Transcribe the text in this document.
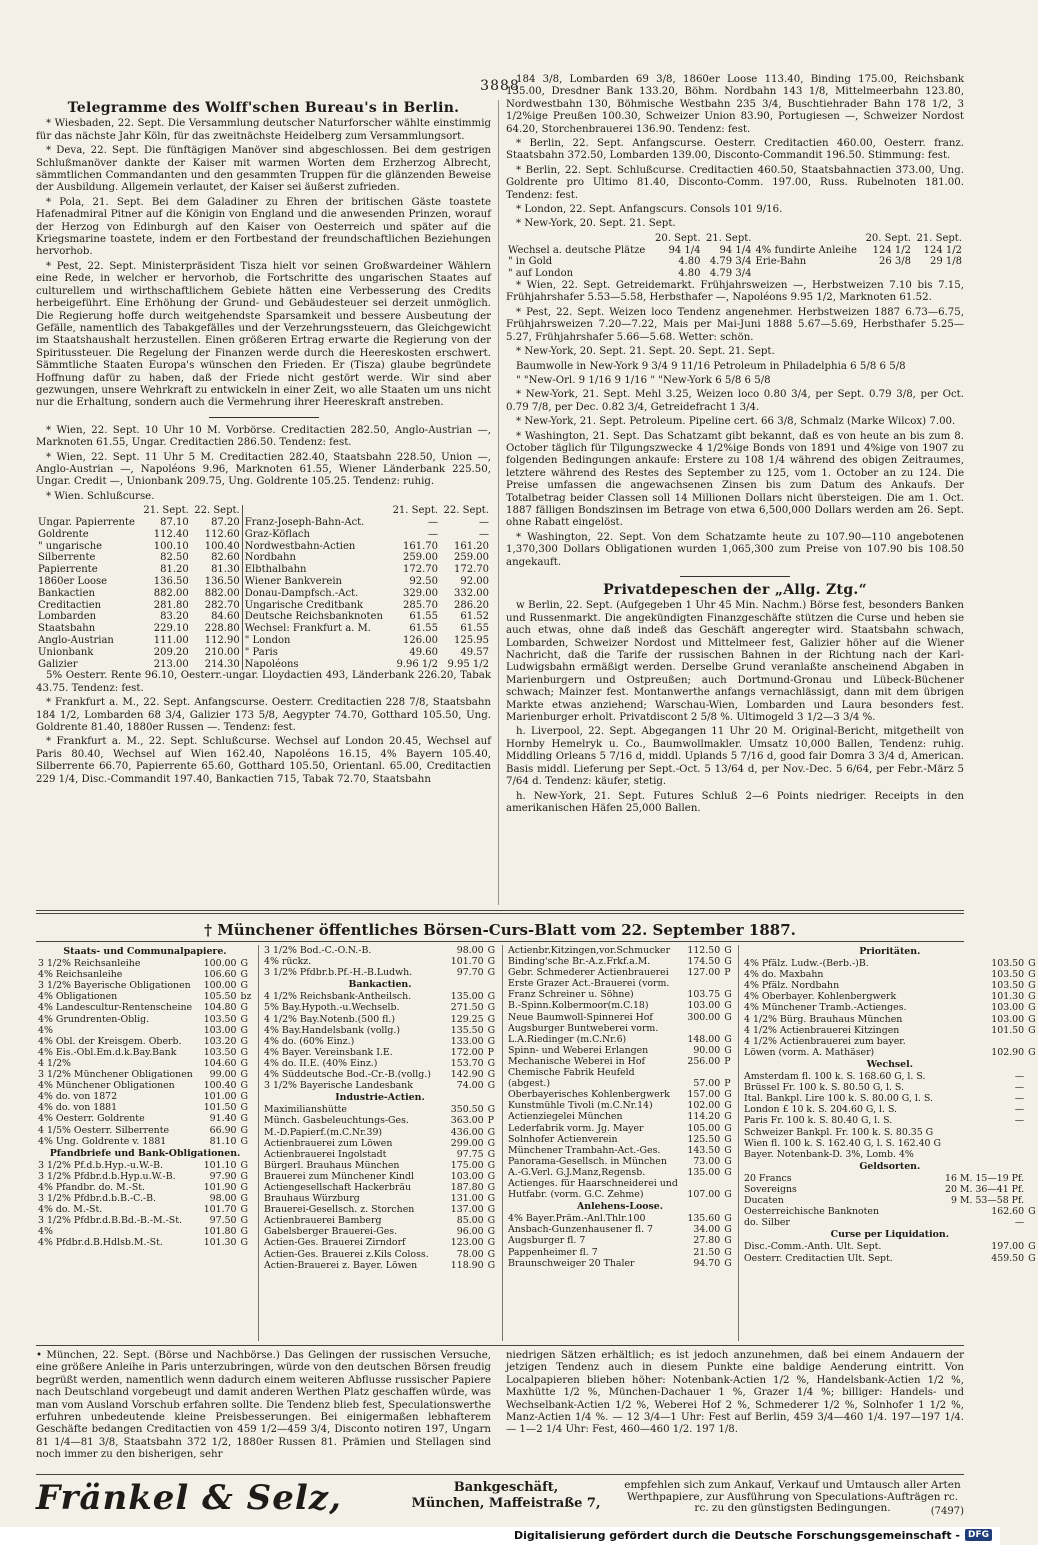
3888
Telegramme des Wolff'schen Bureau's in Berlin.
* Wiesbaden, 22. Sept. Die Versammlung deutscher Naturforscher wählte einstimmig für das nächste Jahr Köln, für das zweitnächste Heidelberg zum Versammlungsort.
* Deva, 22. Sept. Die fünftägigen Manöver sind abgeschlossen. Bei dem gestrigen Schlußmanöver dankte der Kaiser mit warmen Worten dem Erzherzog Albrecht, sämmtlichen Commandanten und den gesammten Truppen für die glänzenden Beweise der Ausbildung. Allgemein verlautet, der Kaiser sei äußerst zufrieden.
* Pola, 21. Sept. Bei dem Galadiner zu Ehren der britischen Gäste toastete Hafenadmiral Pitner auf die Königin von England und die anwesenden Prinzen, worauf der Herzog von Edinburgh auf den Kaiser von Oesterreich und später auf die Kriegsmarine toastete, indem er den Fortbestand der freundschaftlichen Beziehungen hervorhob.
* Pest, 22. Sept. Ministerpräsident Tisza hielt vor seinen Großwardeiner Wählern eine Rede, in welcher er hervorhob, die Fortschritte des ungarischen Staates auf culturellem und wirthschaftlichem Gebiete hätten eine Verbesserung des Credits herbeigeführt. Eine Erhöhung der Grund- und Gebäudesteuer sei derzeit unmöglich. Die Regierung hoffe durch weitgehendste Sparsamkeit und bessere Ausbeutung der Gefälle, namentlich des Tabakgefälles und der Verzehrungssteuern, das Gleichgewicht im Staatshaushalt herzustellen. Einen größeren Ertrag erwarte die Regierung von der Spiritussteuer. Die Regelung der Finanzen werde durch die Heereskosten erschwert. Sämmtliche Staaten Europa's wünschen den Frieden. Er (Tisza) glaube begründete Hoffnung dafür zu haben, daß der Friede nicht gestört werde. Wir sind aber gezwungen, unsere Wehrkraft zu entwickeln in einer Zeit, wo alle Staaten um uns nicht nur die Erhaltung, sondern auch die Vermehrung ihrer Heereskraft anstreben.
* Wien, 22. Sept. 10 Uhr 10 M. Vorbörse. Creditactien 282.50, Anglo-Austrian —, Marknoten 61.55, Ungar. Creditactien 286.50. Tendenz: fest.
* Wien, 22. Sept. 11 Uhr 5 M. Creditactien 282.40, Staatsbahn 228.50, Union —, Anglo-Austrian —, Napoléons 9.96, Marknoten 61.55, Wiener Länderbank 225.50, Ungar. Credit —, Unionbank 209.75, Ung. Goldrente 105.25. Tendenz: ruhig.
* Wien. Schlußcurse.
	21. Sept.	22. Sept.		21. Sept.	22. Sept.
Ungar. Papierrente	87.10	87.20	Franz-Joseph-Bahn-Act.	—	—
Goldrente	112.40	112.60	Graz-Köflach	—	—
" ungarische	100.10	100.40	Nordwestbahn-Actien	161.70	161.20
Silberrente	82.50	82.60	Nordbahn	259.00	259.00
Papierrente	81.20	81.30	Elbthalbahn	172.70	172.70
1860er Loose	136.50	136.50	Wiener Bankverein	92.50	92.00
Bankactien	882.00	882.00	Donau-Dampfsch.-Act.	329.00	332.00
Creditactien	281.80	282.70	Ungarische Creditbank	285.70	286.20
Lombarden	83.20	84.60	Deutsche Reichsbanknoten	61.55	61.52
Staatsbahn	229.10	228.80	Wechsel: Frankfurt a. M.	61.55	61.55
Anglo-Austrian	111.00	112.90	" London	126.00	125.95
Unionbank	209.20	210.00	" Paris	49.60	49.57
Galizier	213.00	214.30	Napoléons	9.96 1/2	9.95 1/2
5% Oesterr. Rente 96.10, Oesterr.-ungar. Lloydactien 493, Länderbank 226.20, Tabak 43.75. Tendenz: fest.
* Frankfurt a. M., 22. Sept. Anfangscurse. Oesterr. Creditactien 228 7/8, Staatsbahn 184 1/2, Lombarden 68 3/4, Galizier 173 5/8, Aegypter 74.70, Gotthard 105.50, Ung. Goldrente 81.40, 1880er Russen —. Tendenz: fest.
* Frankfurt a. M., 22. Sept. Schlußcurse. Wechsel auf London 20.45, Wechsel auf Paris 80.40, Wechsel auf Wien 162.40, Napoléons 16.15, 4% Bayern 105.40, Silberrente 66.70, Papierrente 65.60, Gotthard 105.50, Orientanl. 65.00, Creditactien 229 1/4, Disc.-Commandit 197.40, Bankactien 715, Tabak 72.70, Staatsbahn
184 3/8, Lombarden 69 3/8, 1860er Loose 113.40, Binding 175.00, Reichsbank 135.00, Dresdner Bank 133.20, Böhm. Nordbahn 143 1/8, Mittelmeerbahn 123.80, Nordwestbahn 130, Böhmische Westbahn 235 3/4, Buschtiehrader Bahn 178 1/2, 3 1/2%ige Preußen 100.30, Schweizer Union 83.90, Portugiesen —, Schweizer Nordost 64.20, Storchenbrauerei 136.90. Tendenz: fest.
* Berlin, 22. Sept. Anfangscurse. Oesterr. Creditactien 460.00, Oesterr. franz. Staatsbahn 372.50, Lombarden 139.00, Disconto-Commandit 196.50. Stimmung: fest.
* Berlin, 22. Sept. Schlußcurse. Creditactien 460.50, Staatsbahnactien 373.00, Ung. Goldrente pro Ultimo 81.40, Disconto-Comm. 197.00, Russ. Rubelnoten 181.00. Tendenz: fest.
* London, 22. Sept. Anfangscurs. Consols 101 9/16.
* New-York, 20. Sept. 21. Sept.
	20. Sept.	21. Sept.		20. Sept.	21. Sept.
Wechsel a. deutsche Plätze	94 1/4	94 1/4	4% fundirte Anleihe	124 1/2	124 1/2
" in Gold	4.80	4.79 3/4	Erie-Bahn	26 3/8	29 1/8
" auf London	4.80	4.79 3/4			
* Wien, 22. Sept. Getreidemarkt. Frühjahrsweizen —, Herbstweizen 7.10 bis 7.15, Frühjahrshafer 5.53—5.58, Herbsthafer —, Napoléons 9.95 1/2, Marknoten 61.52.
* Pest, 22. Sept. Weizen loco Tendenz angenehmer. Herbstweizen 1887 6.73—6.75, Frühjahrsweizen 7.20—7.22, Mais per Mai-Juni 1888 5.67—5.69, Herbsthafer 5.25—5.27, Frühjahrshafer 5.66—5.68. Wetter: schön.
* New-York, 20. Sept. 21. Sept. 20. Sept. 21. Sept.
Baumwolle in New-York 9 3/4 9 11/16 Petroleum in Philadelphia 6 5/8 6 5/8
" "New-Orl. 9 1/16 9 1/16 " "New-York 6 5/8 6 5/8
* New-York, 21. Sept. Mehl 3.25, Weizen loco 0.80 3/4, per Sept. 0.79 3/8, per Oct. 0.79 7/8, per Dec. 0.82 3/4, Getreidefracht 1 3/4.
* New-York, 21. Sept. Petroleum. Pipeline cert. 66 3/8, Schmalz (Marke Wilcox) 7.00.
* Washington, 21. Sept. Das Schatzamt gibt bekannt, daß es von heute an bis zum 8. October täglich für Tilgungszwecke 4 1/2%ige Bonds von 1891 und 4%ige von 1907 zu folgenden Bedingungen ankaufe: Erstere zu 108 1/4 während des obigen Zeitraumes, letztere während des Restes des September zu 125, vom 1. October an zu 124. Die Preise umfassen die angewachsenen Zinsen bis zum Datum des Ankaufs. Der Totalbetrag beider Classen soll 14 Millionen Dollars nicht übersteigen. Die am 1. Oct. 1887 fälligen Bondszinsen im Betrage von etwa 6,500,000 Dollars werden am 26. Sept. ohne Rabatt eingelöst.
* Washington, 22. Sept. Von dem Schatzamte heute zu 107.90—110 angebotenen 1,370,300 Dollars Obligationen wurden 1,065,300 zum Preise von 107.90 bis 108.50 angekauft.
Privatdepeschen der „Allg. Ztg.“
w Berlin, 22. Sept. (Aufgegeben 1 Uhr 45 Min. Nachm.) Börse fest, besonders Banken und Russenmarkt. Die angekündigten Finanzgeschäfte stützen die Curse und heben sie auch etwas, ohne daß indeß das Geschäft angeregter wird. Staatsbahn schwach, Lombarden, Schweizer Nordost und Mittelmeer fest, Galizier höher auf die Wiener Nachricht, daß die Tarife der russischen Bahnen in der Richtung nach der Karl-Ludwigsbahn ermäßigt werden. Derselbe Grund veranlaßte anscheinend Abgaben in Marienburgern und Ostpreußen; auch Dortmund-Gronau und Lübeck-Büchener schwach; Mainzer fest. Montanwerthe anfangs vernachlässigt, dann mit dem übrigen Markte etwas anziehend; Warschau-Wien, Lombarden und Laura besonders fest. Marienburger erholt. Privatdiscont 2 5/8 %. Ultimogeld 3 1/2—3 3/4 %.
h. Liverpool, 22. Sept. Abgegangen 11 Uhr 20 M. Original-Bericht, mitgetheilt von Hornby Hemelryk u. Co., Baumwollmakler. Umsatz 10,000 Ballen, Tendenz: ruhig. Middling Orleans 5 7/16 d, middl. Uplands 5 7/16 d, good fair Domra 3 3/4 d, American. Basis middl. Lieferung per Sept.-Oct. 5 13/64 d, per Nov.-Dec. 5 6/64, per Febr.-März 5 7/64 d. Tendenz: käufer, stetig.
h. New-York, 21. Sept. Futures Schluß 2—6 Points niedriger. Receipts in den amerikanischen Häfen 25,000 Ballen.
† Münchener öffentliches Börsen-Curs-Blatt vom 22. September 1887.
Staats- und Communalpapiere.		
3 1/2% Reichsanleihe	100.00	G
4% Reichsanleihe	106.60	G
3 1/2% Bayerische Obligationen	100.00	G
4% Obligationen	105.50	bz
4% Landescultur-Rentenscheine	104.80	G
4% Grundrenten-Oblig.	103.50	G
4%	103.00	G
4% Obl. der Kreisgem. Oberb.	103.20	G
4% Eis.-Obl.Em.d.k.Bay.Bank	103.50	G
4 1/2%	104.60	G
3 1/2% Münchener Obligationen	99.00	G
4% Münchener Obligationen	100.40	G
4% do. von 1872	101.00	G
4% do. von 1881	101.50	G
4% Oesterr. Goldrente	91.40	G
4 1/5% Oesterr. Silberrente	66.90	G
4% Ung. Goldrente v. 1881	81.10	G
Pfandbriefe und Bank-Obligationen.		
3 1/2% Pf.d.b.Hyp.-u.W.-B.	101.10	G
3 1/2% Pfdbr.d.b.Hyp.u.W.-B.	97.90	G
4% Pfandbr. do. M.-St.	101.90	G
3 1/2% Pfdbr.d.b.B.-C.-B.	98.00	G
4% do. M.-St.	101.70	G
3 1/2% Pfdbr.d.B.Bd.-B.-M.-St.	97.50	G
4%	101.80	G
4% Pfdbr.d.B.Hdlsb.M.-St.	101.30	G
3 1/2% Bod.-C.-O.N.-B.	98.00	G
4% rückz.	101.70	G
3 1/2% Pfdbr.b.Pf.-H.-B.Ludwh.	97.70	G
Bankactien.		
4 1/2% Reichsbank-Antheilsch.	135.00	G
5% Bay.Hypoth.-u.Wechselb.	271.50	G
4 1/2% Bay.Notenb.(500 fl.)	129.25	G
4% Bay.Handelsbank (vollg.)	135.50	G
4% do. (60% Einz.)	133.00	G
4% Bayer. Vereinsbank I.E.	172.00	P
4% do. II.E. (40% Einz.)	153.70	G
4% Süddeutsche Bod.-Cr.-B.(vollg.)	142.90	G
3 1/2% Bayerische Landesbank	74.00	G
Industrie-Actien.		
Maximilianshütte	350.50	G
Münch. Gasbeleuchtungs-Ges.	363.00	P
M.-D.Papierf.(m.C.Nr.39)	436.00	G
Actienbrauerei zum Löwen	299.00	G
Actienbrauerei Ingolstadt	97.75	G
Bürgerl. Brauhaus München	175.00	G
Brauerei zum Münchener Kindl	103.00	G
Actiengesellschaft Hackerbräu	187.80	G
Brauhaus Würzburg	131.00	G
Brauerei-Gesellsch. z. Storchen	137.00	G
Actienbrauerei Bamberg	85.00	G
Gabelsberger Brauerei-Ges.	96.00	G
Actien-Ges. Brauerei Zirndorf	123.00	G
Actien-Ges. Brauerei z.Kils Coloss.	78.00	G
Actien-Brauerei z. Bayer. Löwen	118.90	G
Actienbr.Kitzingen,vor.Schmucker	112.50	G
Binding'sche Br.-A.z.Frkf.a.M.	174.50	G
Gebr. Schmederer Actienbrauerei	127.00	P
Erste Grazer Act.-Brauerei (vorm.		
Franz Schreiner u. Söhne)	103.75	G
B.-Spinn.Kolbermoor(m.C.18)	103.00	G
Neue Baumwoll-Spinnerei Hof	300.00	G
Augsburger Buntweberei vorm.		
L.A.Riedinger (m.C.Nr.6)	148.00	G
Spinn- und Weberei Erlangen	90.00	G
Mechanische Weberei in Hof	256.00	P
Chemische Fabrik Heufeld		
(abgest.)	57.00	P
Oberbayerisches Kohlenbergwerk	157.00	G
Kunstmühle Tivoli (m.C.Nr.14)	102.00	G
Actienziegelei München	114.20	G
Lederfabrik vorm. Jg. Mayer	105.00	G
Solnhofer Actienverein	125.50	G
Münchener Trambahn-Act.-Ges.	143.50	G
Panorama-Gesellsch. in München	73.00	G
A.-G.Verl. G.J.Manz,Regensb.	135.00	G
Actienges. für Haarschneiderei und		
Hutfabr. (vorm. G.C. Zehme)	107.00	G
Anlehens-Loose.		
4% Bayer.Präm.-Anl.Thlr.100	135.60	G
Ansbach-Gunzenhausener fl. 7	34.00	G
Augsburger fl. 7	27.80	G
Pappenheimer fl. 7	21.50	G
Braunschweiger 20 Thaler	94.70	G
Prioritäten.		
4% Pfälz. Ludw.-(Berb.-)B.	103.50	G
4% do. Maxbahn	103.50	G
4% Pfälz. Nordbahn	103.50	G
4% Oberbayer. Kohlenbergwerk	101.30	G
4% Münchener Tramb.-Actienges.	103.00	G
4 1/2% Bürg. Brauhaus München	103.00	G
4 1/2% Actienbrauerei Kitzingen	101.50	G
4 1/2% Actienbrauerei zum bayer.		
Löwen (vorm. A. Mathäser)	102.90	G
Wechsel.		
Amsterdam fl. 100 k. S. 168.60 G, l. S.	—	
Brüssel Fr. 100 k. S. 80.50 G, l. S.	—	
Ital. Bankpl. Lire 100 k. S. 80.00 G, l. S.	—	
London £ 10 k. S. 204.60 G, l. S.	—	
Paris Fr. 100 k. S. 80.40 G, l. S.	—	
Schweizer Bankpl. Fr. 100 k. S. 80.35 G		
Wien fl. 100 k. S. 162.40 G, l. S. 162.40 G		
Bayer. Notenbank-D. 3%, Lomb. 4%		
Geldsorten.		
20 Francs	16 M. 15—19 Pf.	
Sovereigns	20 M. 36—41 Pf.	
Ducaten	9 M. 53—58 Pf.	
Oesterreichische Banknoten	162.60	G
do. Silber	—	
Curse per Liquidation.		
Disc.-Comm.-Anth. Ult. Sept.	197.00	G
Oesterr. Creditactien Ult. Sept.	459.50	G
• München, 22. Sept. (Börse und Nachbörse.) Das Gelingen der russischen Versuche, eine größere Anleihe in Paris unterzubringen, würde von den deutschen Börsen freudig begrüßt werden, namentlich wenn dadurch einem weiteren Abflusse russischer Papiere nach Deutschland vorgebeugt und damit anderen Werthen Platz geschaffen würde, was man vom Ausland Vorschub erfahren sollte. Die Tendenz blieb fest, Speculationswerthe erfuhren unbedeutende kleine Preisbesserungen. Bei einigermaßen lebhafterem Geschäfte bedangen Creditactien von 459 1/2—459 3/4, Disconto notiren 197, Ungarn 81 1/4—81 3/8, Staatsbahn 372 1/2, 1880er Russen 81. Prämien und Stellagen sind noch immer zu den bisherigen, sehr
niedrigen Sätzen erhältlich; es ist jedoch anzunehmen, daß bei einem Andauern der jetzigen Tendenz auch in diesem Punkte eine baldige Aenderung eintritt. Von Localpapieren blieben höher: Notenbank-Actien 1/2 %, Handelsbank-Actien 1/2 %, Maxhütte 1/2 %, München-Dachauer 1 %, Grazer 1/4 %; billiger: Handels- und Wechselbank-Actien 1/2 %, Weberei Hof 2 %, Schmederer 1/2 %, Solnhofer 1 1/2 %, Manz-Actien 1/4 %. — 12 3/4—1 Uhr: Fest auf Berlin, 459 3/4—460 1/4. 197—197 1/4. — 1—2 1/4 Uhr: Fest, 460—460 1/2. 197 1/8.
Fränkel & Selz,	Bankgeschäft,
München, Maffeistraße 7,
empfehlen sich zum Ankauf, Verkauf und Umtausch aller Arten Werthpapiere, zur Ausführung von Speculations-Aufträgen rc. rc. zu den günstigsten Bedingungen.	(7497)
Digitalisierung gefördert durch die Deutsche Forschungsgemeinschaft - DFG
